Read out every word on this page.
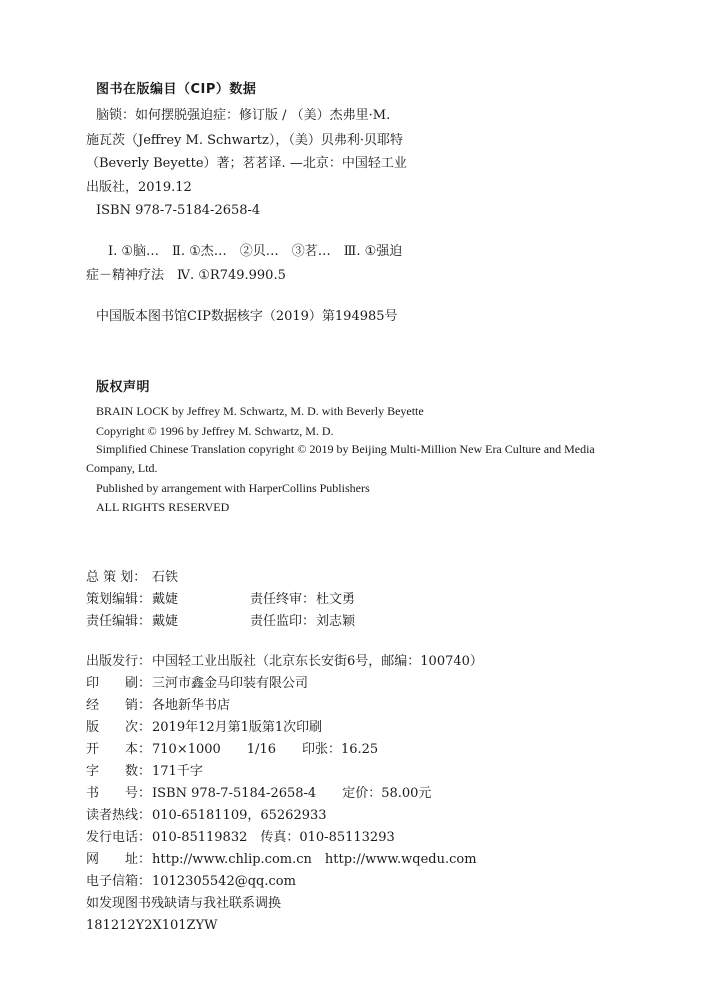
图书在版编目（CIP）数据
脑锁：如何摆脱强迫症：修订版 / （美）杰弗里·M.
施瓦茨（Jeffrey M. Schwartz），（美）贝弗利·贝耶特
（Beverly Beyette）著；茗茗译. —北京：中国轻工业
出版社，2019.12
ISBN 978-7-5184-2658-4
Ⅰ. ①脑…　Ⅱ. ①杰…　②贝…　③茗…　Ⅲ. ①强迫
症－精神疗法　Ⅳ. ①R749.990.5
中国版本图书馆CIP数据核字（2019）第194985号
版权声明
BRAIN LOCK by Jeffrey M. Schwartz, M. D. with Beverly Beyette
Copyright © 1996 by Jeffrey M. Schwartz, M. D.
Simplified Chinese Translation copyright © 2019 by Beijing Multi-Million New Era Culture and Media
Company, Ltd.
Published by arrangement with HarperCollins Publishers
ALL RIGHTS RESERVED
总 策 划： 石铁
策划编辑：戴婕	责任终审：杜文勇
责任编辑：戴婕	责任监印：刘志颖
出版发行：中国轻工业出版社（北京东长安街6号，邮编：100740）
印　　刷：三河市鑫金马印装有限公司
经　　销：各地新华书店
版　　次：2019年12月第1版第1次印刷
开　　本：710×1000　　1/16　　印张：16.25
字　　数：171千字
书　　号：ISBN 978-7-5184-2658-4　　定价：58.00元
读者热线：010-65181109，65262933
发行电话：010-85119832　传真：010-85113293
网　　址：http://www.chlip.com.cn　http://www.wqedu.com
电子信箱：1012305542@qq.com
如发现图书残缺请与我社联系调换
181212Y2X101ZYW
